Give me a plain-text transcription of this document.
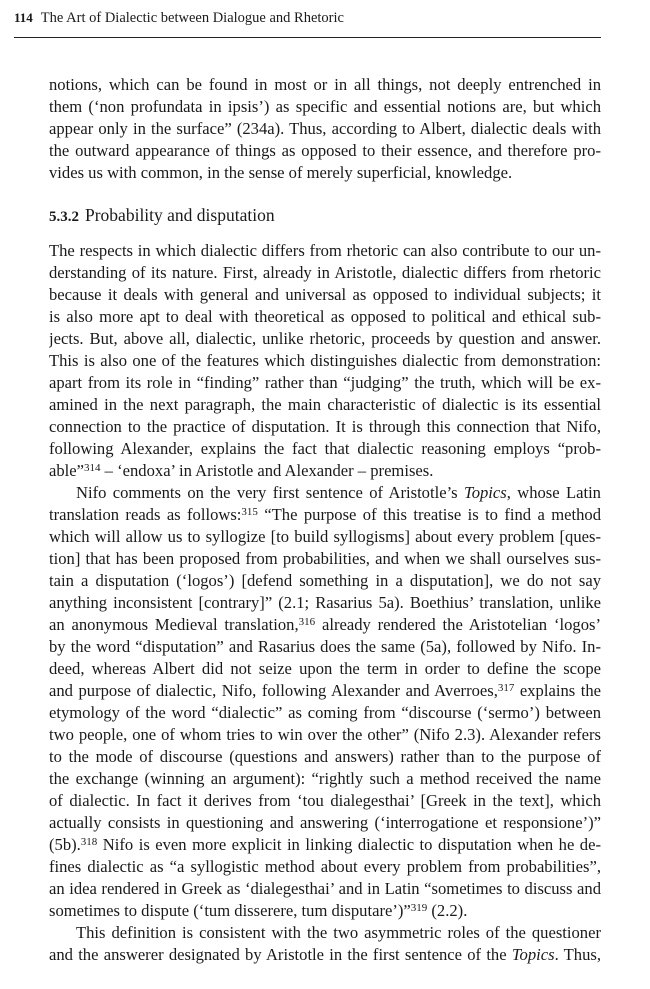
114 The Art of Dialectic between Dialogue and Rhetoric
notions, which can be found in most or in all things, not deeply entrenched in
them (‘non profundata in ipsis’) as specific and essential notions are, but which
appear only in the surface” (234a). Thus, according to Albert, dialectic deals with
the outward appearance of things as opposed to their essence, and therefore pro-
vides us with common, in the sense of merely superficial, knowledge.
5.3.2 Probability and disputation
The respects in which dialectic differs from rhetoric can also contribute to our un-
derstanding of its nature. First, already in Aristotle, dialectic differs from rhetoric
because it deals with general and universal as opposed to individual subjects; it
is also more apt to deal with theoretical as opposed to political and ethical sub-
jects. But, above all, dialectic, unlike rhetoric, proceeds by question and answer.
This is also one of the features which distinguishes dialectic from demonstration:
apart from its role in “finding” rather than “judging” the truth, which will be ex-
amined in the next paragraph, the main characteristic of dialectic is its essential
connection to the practice of disputation. It is through this connection that Nifo,
following Alexander, explains the fact that dialectic reasoning employs “prob-
able”$^{314}$ – ‘endoxa’ in Aristotle and Alexander – premises.
Nifo comments on the very first sentence of Aristotle’s Topics, whose Latin
translation reads as follows:$^{315}$ “The purpose of this treatise is to find a method
which will allow us to syllogize [to build syllogisms] about every problem [ques-
tion] that has been proposed from probabilities, and when we shall ourselves sus-
tain a disputation (‘logos’) [defend something in a disputation], we do not say
anything inconsistent [contrary]” (2.1; Rasarius 5a). Boethius’ translation, unlike
an anonymous Medieval translation,$^{316}$ already rendered the Aristotelian ‘logos’
by the word “disputation” and Rasarius does the same (5a), followed by Nifo. In-
deed, whereas Albert did not seize upon the term in order to define the scope
and purpose of dialectic, Nifo, following Alexander and Averroes,$^{317}$ explains the
etymology of the word “dialectic” as coming from “discourse (‘sermo’) between
two people, one of whom tries to win over the other” (Nifo 2.3). Alexander refers
to the mode of discourse (questions and answers) rather than to the purpose of
the exchange (winning an argument): “rightly such a method received the name
of dialectic. In fact it derives from ‘tou dialegesthai’ [Greek in the text], which
actually consists in questioning and answering (‘interrogatione et responsione’)”
(5b).$^{318}$ Nifo is even more explicit in linking dialectic to disputation when he de-
fines dialectic as “a syllogistic method about every problem from probabilities”,
an idea rendered in Greek as ‘dialegesthai’ and in Latin “sometimes to discuss and
sometimes to dispute (‘tum disserere, tum disputare’)”$^{319}$ (2.2).
This definition is consistent with the two asymmetric roles of the questioner
and the answerer designated by Aristotle in the first sentence of the Topics. Thus,
